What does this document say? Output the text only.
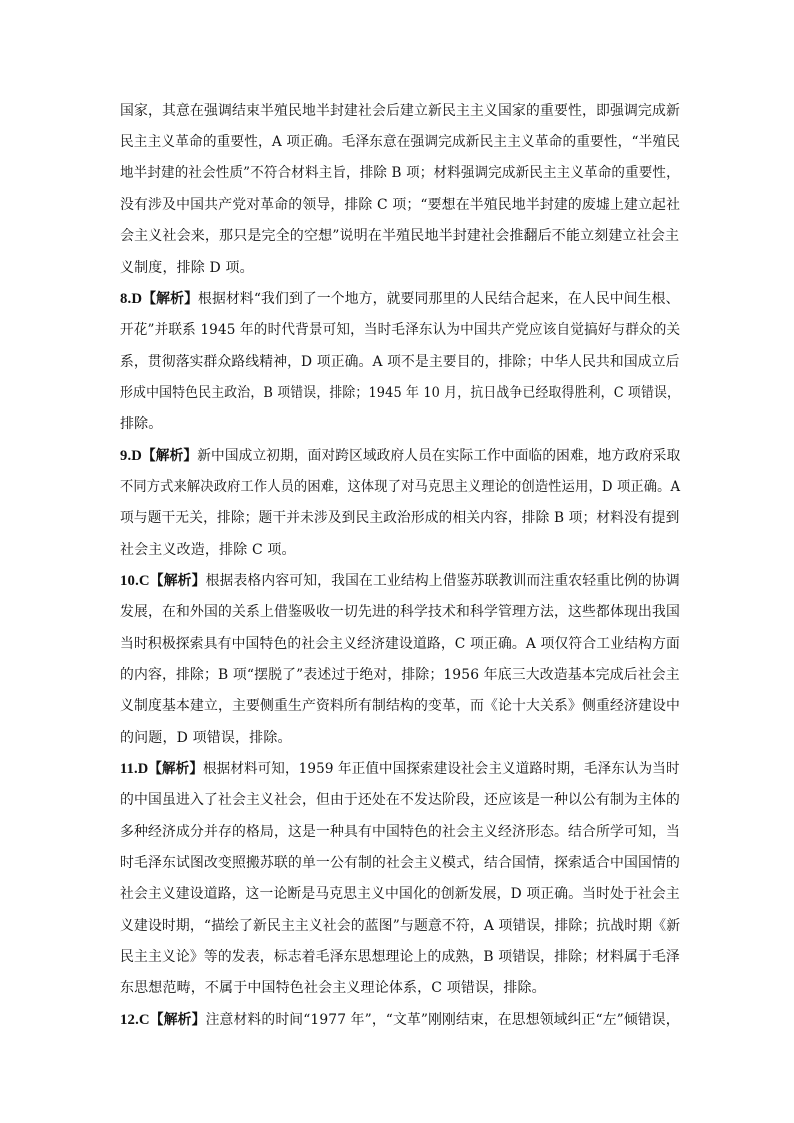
国家，其意在强调结束半殖民地半封建社会后建立新民主主义国家的重要性，即强调完成新
民主主义革命的重要性，A 项正确。毛泽东意在强调完成新民主主义革命的重要性，“半殖民
地半封建的社会性质”不符合材料主旨，排除 B 项；材料强调完成新民主主义革命的重要性，
没有涉及中国共产党对革命的领导，排除 C 项；“要想在半殖民地半封建的废墟上建立起社
会主义社会来，那只是完全的空想”说明在半殖民地半封建社会推翻后不能立刻建立社会主
义制度，排除 D 项。
8.D【解析】根据材料“我们到了一个地方，就要同那里的人民结合起来，在人民中间生根、
开花”并联系 1945 年的时代背景可知，当时毛泽东认为中国共产党应该自觉搞好与群众的关
系，贯彻落实群众路线精神，D 项正确。A 项不是主要目的，排除；中华人民共和国成立后
形成中国特色民主政治，B 项错误，排除；1945 年 10 月，抗日战争已经取得胜利，C 项错误，
排除。
9.D【解析】新中国成立初期，面对跨区域政府人员在实际工作中面临的困难，地方政府采取
不同方式来解决政府工作人员的困难，这体现了对马克思主义理论的创造性运用，D 项正确。A
项与题干无关，排除；题干并未涉及到民主政治形成的相关内容，排除 B 项；材料没有提到
社会主义改造，排除 C 项。
10.C【解析】根据表格内容可知，我国在工业结构上借鉴苏联教训而注重农轻重比例的协调
发展，在和外国的关系上借鉴吸收一切先进的科学技术和科学管理方法，这些都体现出我国
当时积极探索具有中国特色的社会主义经济建设道路，C 项正确。A 项仅符合工业结构方面
的内容，排除；B 项“摆脱了”表述过于绝对，排除；1956 年底三大改造基本完成后社会主
义制度基本建立，主要侧重生产资料所有制结构的变革，而《论十大关系》侧重经济建设中
的问题，D 项错误，排除。
11.D【解析】根据材料可知，1959 年正值中国探索建设社会主义道路时期，毛泽东认为当时
的中国虽进入了社会主义社会，但由于还处在不发达阶段，还应该是一种以公有制为主体的
多种经济成分并存的格局，这是一种具有中国特色的社会主义经济形态。结合所学可知，当
时毛泽东试图改变照搬苏联的单一公有制的社会主义模式，结合国情，探索适合中国国情的
社会主义建设道路，这一论断是马克思主义中国化的创新发展，D 项正确。当时处于社会主
义建设时期，“描绘了新民主主义社会的蓝图”与题意不符，A 项错误，排除；抗战时期《新
民主主义论》等的发表，标志着毛泽东思想理论上的成熟，B 项错误，排除；材料属于毛泽
东思想范畴，不属于中国特色社会主义理论体系，C 项错误，排除。
12.C【解析】注意材料的时间“1977 年”，“文革”刚刚结束，在思想领域纠正“左”倾错误，
